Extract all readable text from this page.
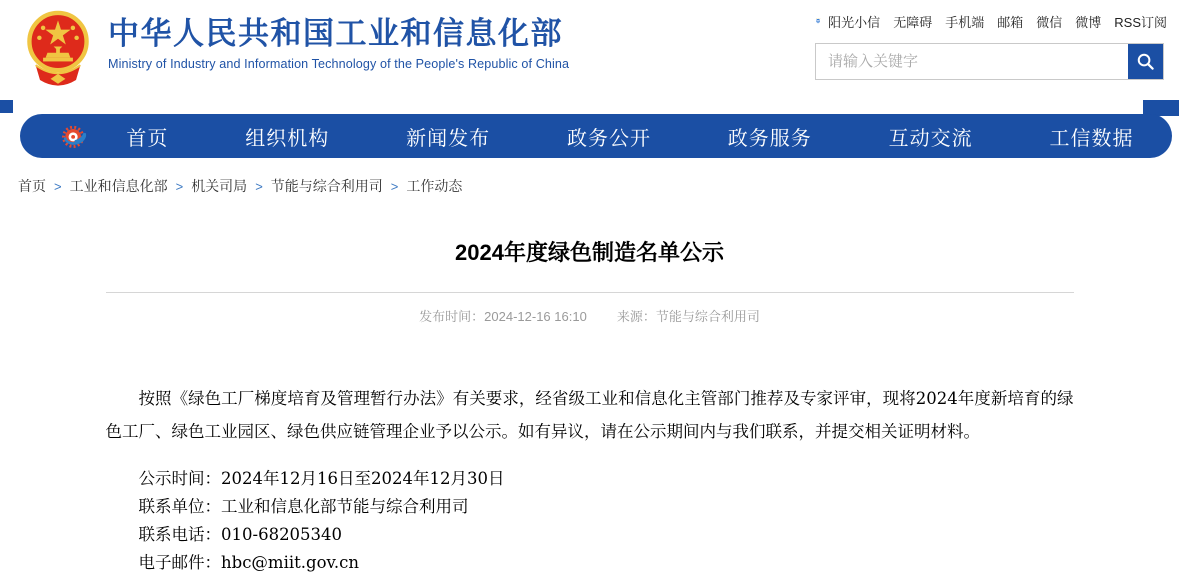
中华人民共和国工业和信息化部
Ministry of Industry and Information Technology of the People's Republic of China
阳光小信 无障碍 手机端 邮箱 微信 微博 RSS订阅
请输入关键字
首页	组织机构	新闻发布	政务公开	政务服务	互动交流	工信数据
首页 > 工业和信息化部 > 机关司局 > 节能与综合利用司 > 工作动态
2024年度绿色制造名单公示
发布时间：2024-12-16 16:10 来源：节能与综合利用司

按照《绿色工厂梯度培育及管理暂行办法》有关要求，经省级工业和信息化主管部门推荐及专家评审，现将2024年度新培育的绿色工厂、绿色工业园区、绿色供应链管理企业予以公示。如有异议，请在公示期间内与我们联系，并提交相关证明材料。

公示时间：2024年12月16日至2024年12月30日
联系单位：工业和信息化部节能与综合利用司
联系电话：010-68205340
电子邮件：hbc@miit.gov.cn
